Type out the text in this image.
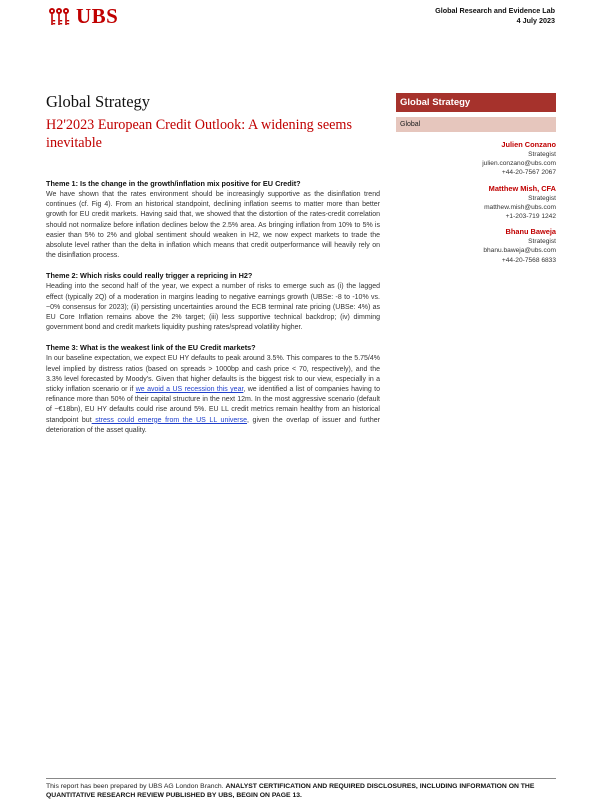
UBS	Global Research and Evidence Lab
4 July 2023
Global Strategy
H2'2023 European Credit Outlook: A widening seems inevitable
Global Strategy
Global
Julien Conzano
Strategist
julien.conzano@ubs.com
+44-20-7567 2067
Matthew Mish, CFA
Strategist
matthew.mish@ubs.com
+1-203-719 1242
Bhanu Baweja
Strategist
bhanu.baweja@ubs.com
+44-20-7568 6833
Theme 1: Is the change in the growth/inflation mix positive for EU Credit?

We have shown that the rates environment should be increasingly supportive as the disinflation trend continues (cf. Fig 4). From an historical standpoint, declining inflation seems to matter more than better growth for EU credit markets. Having said that, we showed that the distortion of the rates-credit correlation should not normalize before inflation declines below the 2.5% area. As bringing inflation from 10% to 5% is easier than 5% to 2% and global sentiment should weaken in H2, we now expect markets to trade the absolute level rather than the delta in inflation which means that credit outperformance will heavily rely on the disinflation process.

Theme 2: Which risks could really trigger a repricing in H2?

Heading into the second half of the year, we expect a number of risks to emerge such as (i) the lagged effect (typically 2Q) of a moderation in margins leading to negative earnings growth (UBSe: -8 to -10% vs. ~0% consensus for 2023); (ii) persisting uncertainties around the ECB terminal rate pricing (UBSe: 4%) as EU Core Inflation remains above the 2% target; (iii) less supportive technical backdrop; (iv) dimming government bond and credit markets liquidity pushing rates/spread volatility higher.

Theme 3: What is the weakest link of the EU Credit markets?

In our baseline expectation, we expect EU HY defaults to peak around 3.5%. This compares to the 5.75/4% level implied by distress ratios (based on spreads > 1000bp and cash price < 70, respectively), and the 3.3% level forecasted by Moody's. Given that higher defaults is the biggest risk to our view, especially in a sticky inflation scenario or if we avoid a US recession this year, we identified a list of companies having to refinance more than 50% of their capital structure in the next 12m. In the most aggressive scenario (default of ~€18bn), EU HY defaults could rise around 5%. EU LL credit metrics remain healthy from an historical standpoint but stress could emerge from the US LL universe, given the overlap of issuer and further deterioration of the asset quality.

This report has been prepared by UBS AG London Branch. ANALYST CERTIFICATION AND REQUIRED DISCLOSURES, INCLUDING INFORMATION ON THE QUANTITATIVE RESEARCH REVIEW PUBLISHED BY UBS, BEGIN ON PAGE 13.
